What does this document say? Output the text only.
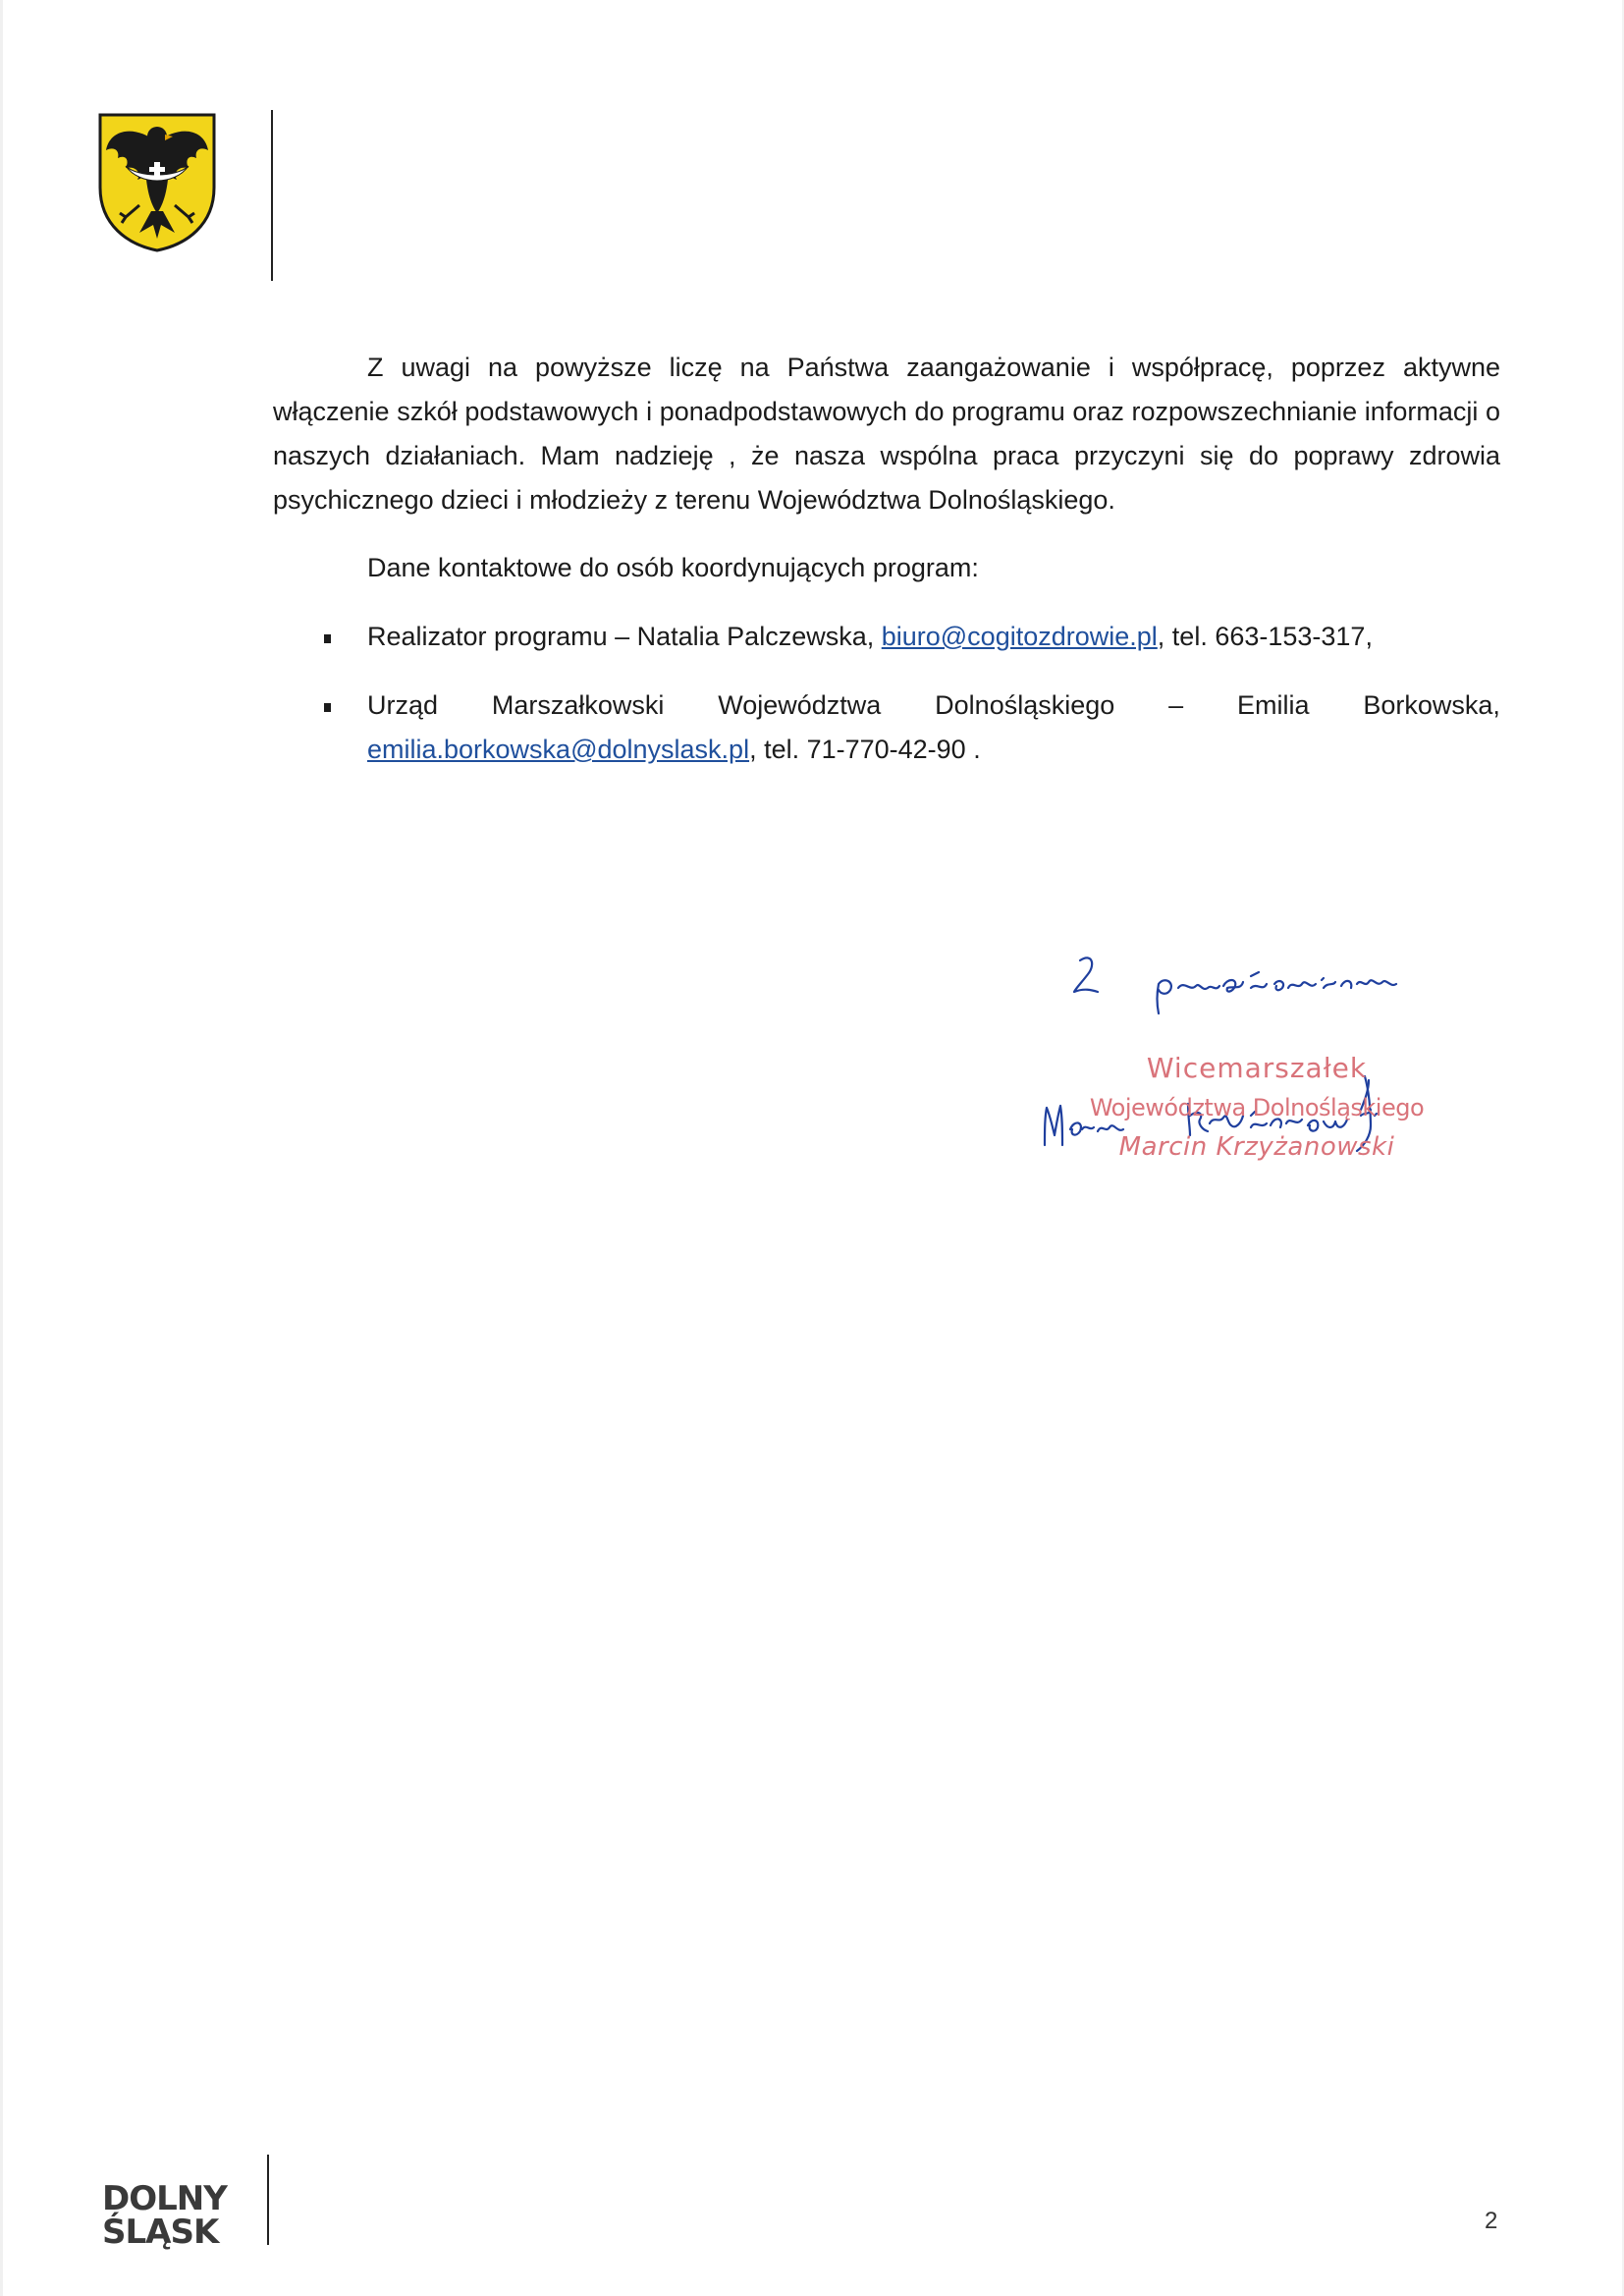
Z uwagi na powyższe liczę na Państwa zaangażowanie i współpracę, poprzez aktywne włączenie szkół podstawowych i ponadpodstawowych do programu oraz rozpowszechnianie informacji o naszych działaniach. Mam nadzieję , że nasza wspólna praca przyczyni się do poprawy zdrowia psychicznego dzieci i młodzieży z terenu Województwa Dolnośląskiego.
Dane kontaktowe do osób koordynujących program:
Realizator programu – Natalia Palczewska, biuro@cogitozdrowie.pl, tel. 663-153-317,
Urząd Marszałkowski Województwa Dolnośląskiego – Emilia Borkowska,
emilia.borkowska@dolnyslask.pl, tel. 71-770-42-90 .
Wicemarszałek
Województwa Dolnośląskiego
Marcin Krzyżanowski
DOLNY
ŚLĄSK	2
